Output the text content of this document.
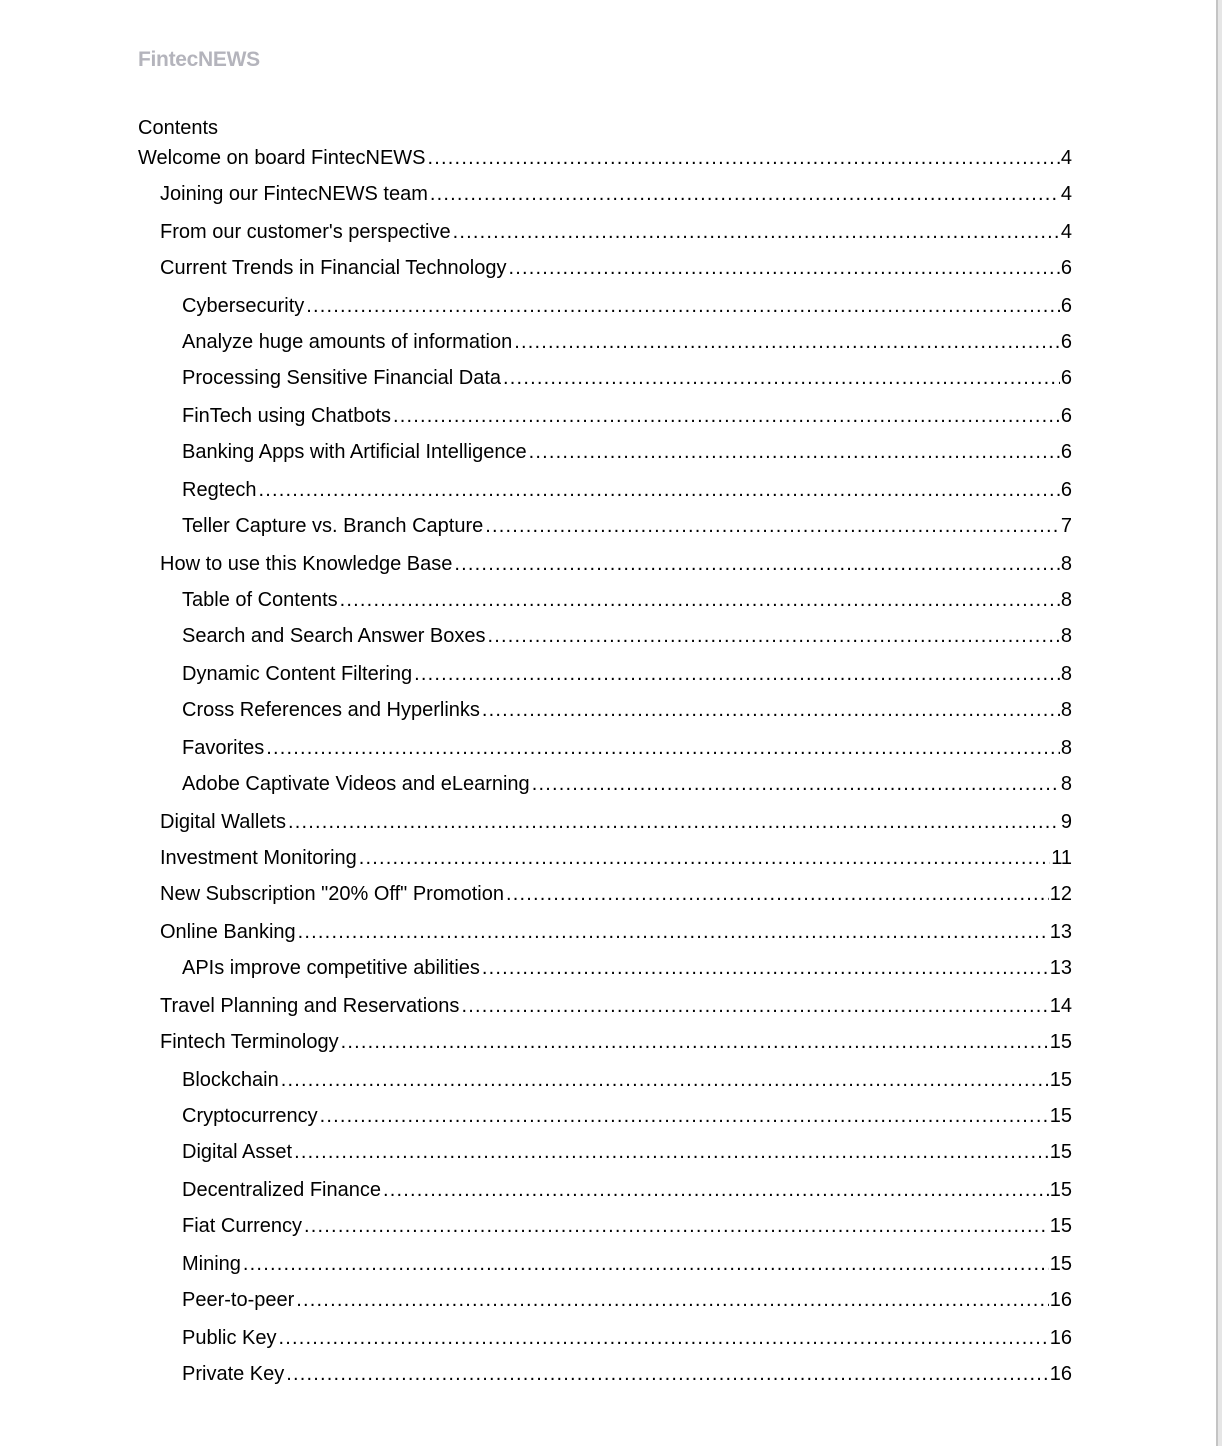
FintecNEWS
Contents
Welcome on board FintecNEWS .....	4
Joining our FintecNEWS team .....	4
From our customer's perspective .....	4
Current Trends in Financial Technology .....	6
Cybersecurity .....	6
Analyze huge amounts of information .....	6
Processing Sensitive Financial Data .....	6
FinTech using Chatbots .....	6
Banking Apps with Artificial Intelligence .....	6
Regtech .....	6
Teller Capture vs. Branch Capture .....	7
How to use this Knowledge Base .....	8
Table of Contents .....	8
Search and Search Answer Boxes .....	8
Dynamic Content Filtering .....	8
Cross References and Hyperlinks .....	8
Favorites .....	8
Adobe Captivate Videos and eLearning .....	8
Digital Wallets .....	9
Investment Monitoring .....	11
New Subscription "20% Off" Promotion .....	12
Online Banking .....	13
APIs improve competitive abilities .....	13
Travel Planning and Reservations .....	14
Fintech Terminology .....	15
Blockchain .....	15
Cryptocurrency .....	15
Digital Asset .....	15
Decentralized Finance .....	15
Fiat Currency .....	15
Mining .....	15
Peer-to-peer .....	16
Public Key .....	16
Private Key .....	16
